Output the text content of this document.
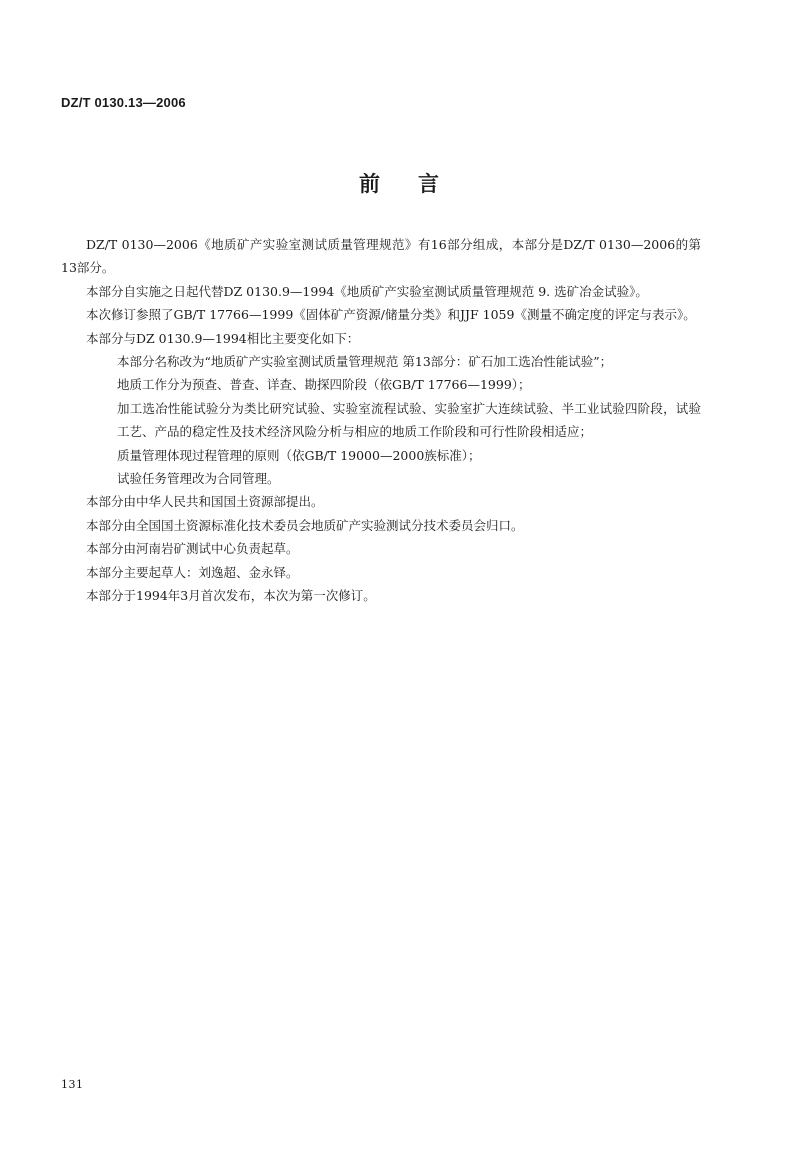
DZ/T 0130.13—2006
前言

DZ/T 0130—2006《地质矿产实验室测试质量管理规范》有16部分组成，本部分是DZ/T 0130—2006的第13部分。

本部分自实施之日起代替DZ 0130.9—1994《地质矿产实验室测试质量管理规范 9. 选矿冶金试验》。

本次修订参照了GB/T 17766—1999《固体矿产资源/储量分类》和JJF 1059《测量不确定度的评定与表示》。

本部分与DZ 0130.9—1994相比主要变化如下：

本部分名称改为“地质矿产实验室测试质量管理规范 第13部分：矿石加工选冶性能试验”；

地质工作分为预查、普查、详查、勘探四阶段（依GB/T 17766—1999）；

加工选冶性能试验分为类比研究试验、实验室流程试验、实验室扩大连续试验、半工业试验四阶段，试验工艺、产品的稳定性及技术经济风险分析与相应的地质工作阶段和可行性阶段相适应；

质量管理体现过程管理的原则（依GB/T 19000—2000族标准）；

试验任务管理改为合同管理。

本部分由中华人民共和国国土资源部提出。

本部分由全国国土资源标准化技术委员会地质矿产实验测试分技术委员会归口。

本部分由河南岩矿测试中心负责起草。

本部分主要起草人：刘逸超、金永铎。

本部分于1994年3月首次发布，本次为第一次修订。

131
